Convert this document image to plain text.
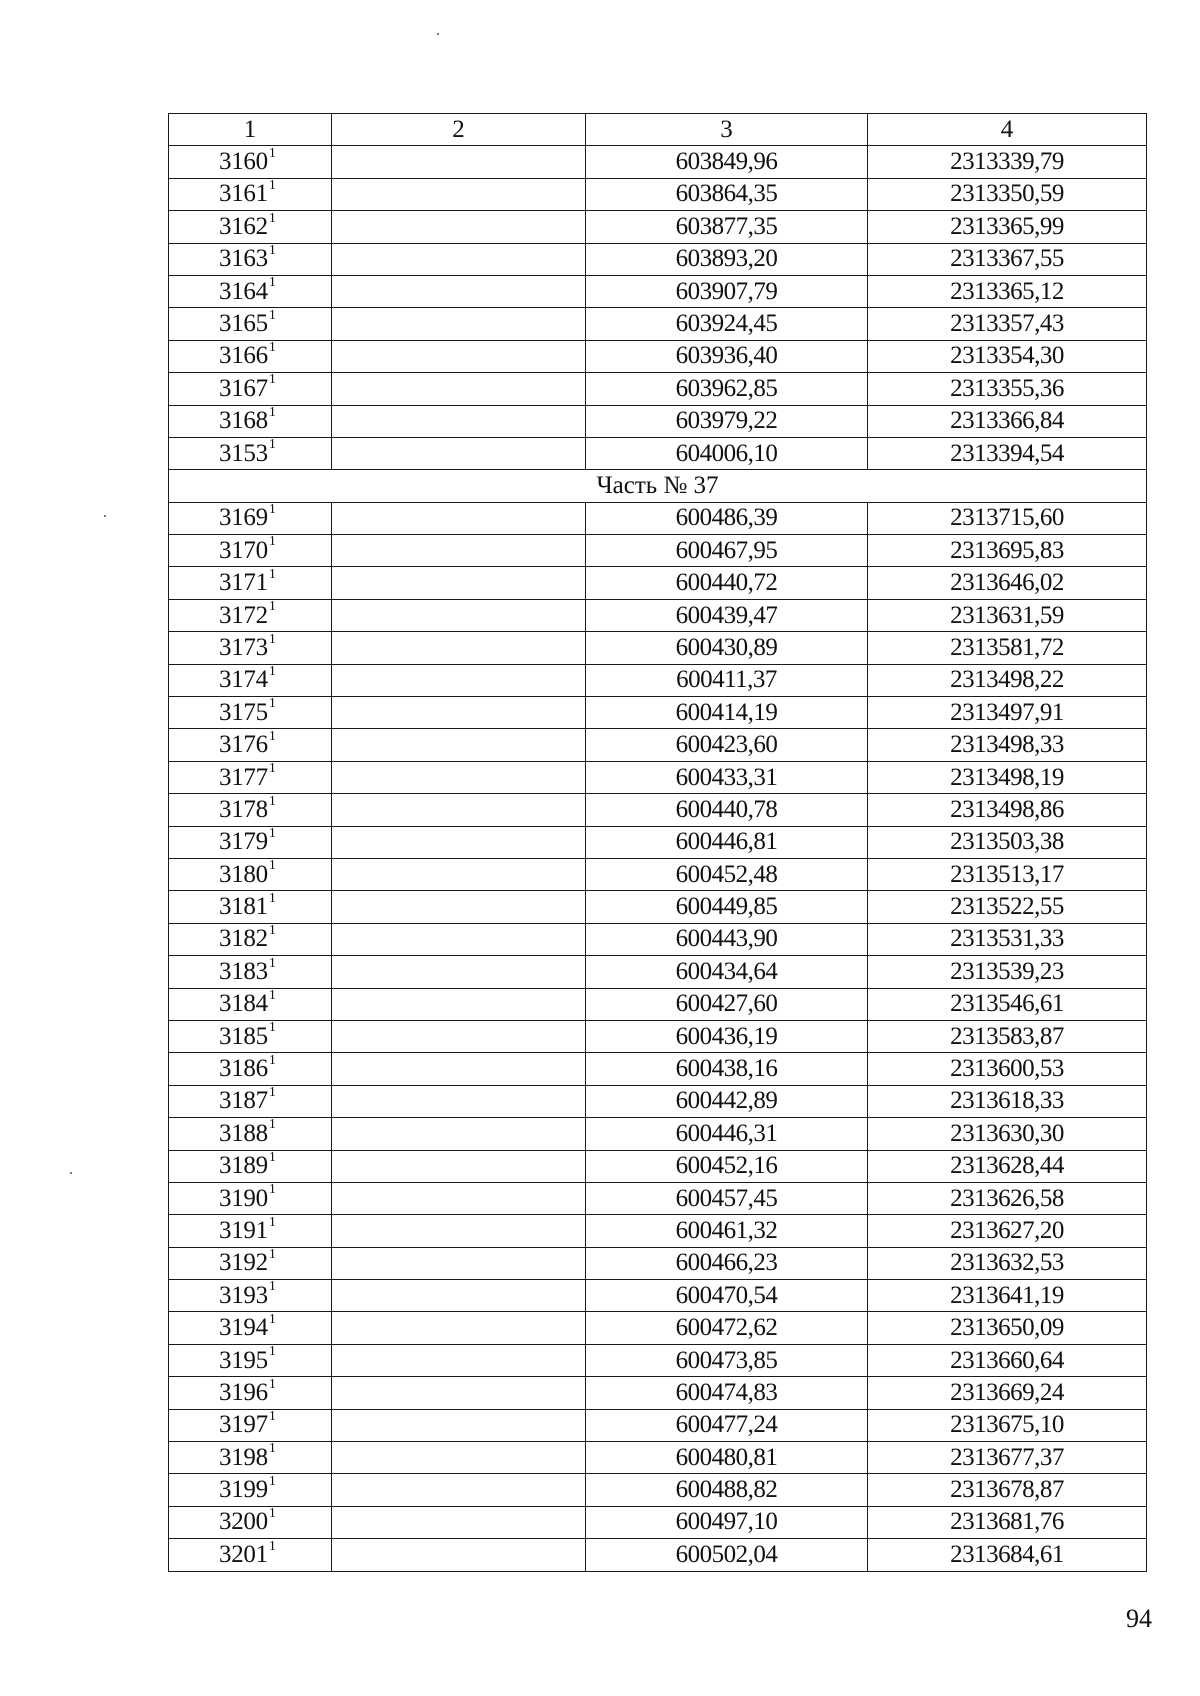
1	2	3	4
3160$^1$		603849,96	2313339,79
3161$^1$		603864,35	2313350,59
3162$^1$		603877,35	2313365,99
3163$^1$		603893,20	2313367,55
3164$^1$		603907,79	2313365,12
3165$^1$		603924,45	2313357,43
3166$^1$		603936,40	2313354,30
3167$^1$		603962,85	2313355,36
3168$^1$		603979,22	2313366,84
3153$^1$		604006,10	2313394,54
Часть № 37			
3169$^1$		600486,39	2313715,60
3170$^1$		600467,95	2313695,83
3171$^1$		600440,72	2313646,02
3172$^1$		600439,47	2313631,59
3173$^1$		600430,89	2313581,72
3174$^1$		600411,37	2313498,22
3175$^1$		600414,19	2313497,91
3176$^1$		600423,60	2313498,33
3177$^1$		600433,31	2313498,19
3178$^1$		600440,78	2313498,86
3179$^1$		600446,81	2313503,38
3180$^1$		600452,48	2313513,17
3181$^1$		600449,85	2313522,55
3182$^1$		600443,90	2313531,33
3183$^1$		600434,64	2313539,23
3184$^1$		600427,60	2313546,61
3185$^1$		600436,19	2313583,87
3186$^1$		600438,16	2313600,53
3187$^1$		600442,89	2313618,33
3188$^1$		600446,31	2313630,30
3189$^1$		600452,16	2313628,44
3190$^1$		600457,45	2313626,58
3191$^1$		600461,32	2313627,20
3192$^1$		600466,23	2313632,53
3193$^1$		600470,54	2313641,19
3194$^1$		600472,62	2313650,09
3195$^1$		600473,85	2313660,64
3196$^1$		600474,83	2313669,24
3197$^1$		600477,24	2313675,10
3198$^1$		600480,81	2313677,37
3199$^1$		600488,82	2313678,87
3200$^1$		600497,10	2313681,76
3201$^1$		600502,04	2313684,61
94
